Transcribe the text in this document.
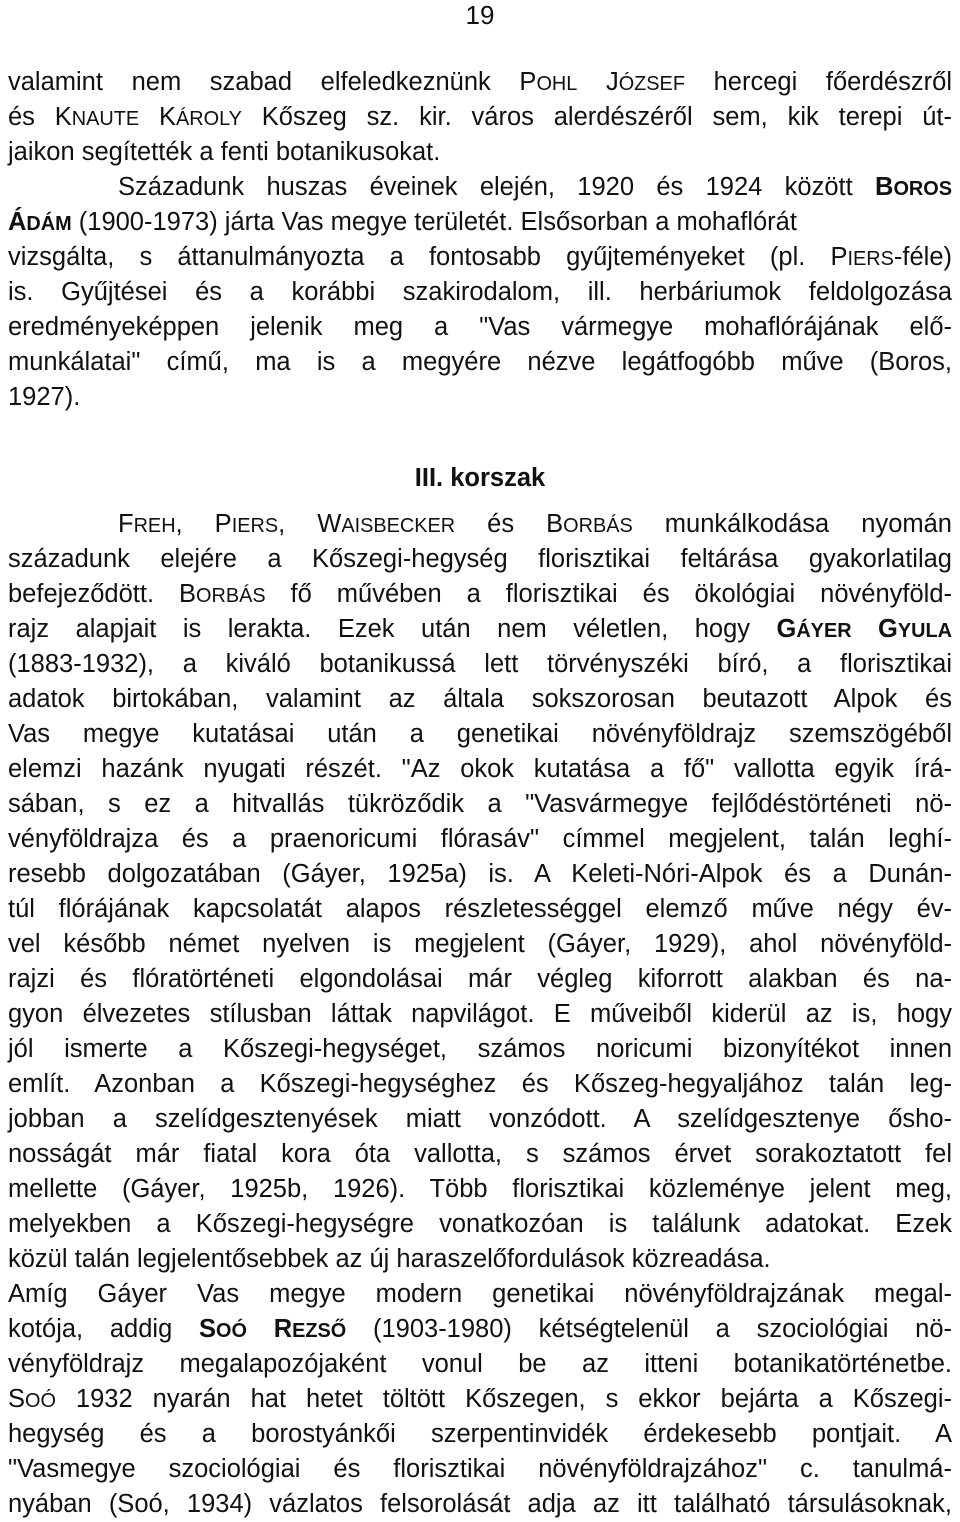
19
valamint nem szabad elfeledkeznünk POHL JÓZSEF hercegi főerdészről
és KNAUTE KÁROLY Kőszeg sz. kir. város alerdészéről sem, kik terepi út-
jaikon segítették a fenti botanikusokat.
Századunk huszas éveinek elején, 1920 és 1924 között BOROS
ÁDÁM (1900-1973) járta Vas megye területét. Elsősorban a mohaflórát
vizsgálta, s áttanulmányozta a fontosabb gyűjteményeket (pl. PIERS-féle)
is. Gyűjtései és a korábbi szakirodalom, ill. herbáriumok feldolgozása
eredményeképpen jelenik meg a "Vas vármegye mohaflórájának elő-
munkálatai" című, ma is a megyére nézve legátfogóbb műve (Boros,
1927).
FREH, PIERS, WAISBECKER és BORBÁS munkálkodása nyomán
századunk elejére a Kőszegi-hegység florisztikai feltárása gyakorlatilag
befejeződött. BORBÁS fő művében a florisztikai és ökológiai növényföld-
rajz alapjait is lerakta. Ezek után nem véletlen, hogy GÁYER GYULA
(1883-1932), a kiváló botanikussá lett törvényszéki bíró, a florisztikai
adatok birtokában, valamint az általa sokszorosan beutazott Alpok és
Vas megye kutatásai után a genetikai növényföldrajz szemszögéből
elemzi hazánk nyugati részét. "Az okok kutatása a fő" vallotta egyik írá-
sában, s ez a hitvallás tükröződik a "Vasvármegye fejlődéstörténeti nö-
vényföldrajza és a praenoricumi flórasáv" címmel megjelent, talán leghí-
resebb dolgozatában (Gáyer, 1925a) is. A Keleti-Nóri-Alpok és a Dunán-
túl flórájának kapcsolatát alapos részletességgel elemző műve négy év-
vel később német nyelven is megjelent (Gáyer, 1929), ahol növényföld-
rajzi és flóratörténeti elgondolásai már végleg kiforrott alakban és na-
gyon élvezetes stílusban láttak napvilágot. E műveiből kiderül az is, hogy
jól ismerte a Kőszegi-hegységet, számos noricumi bizonyítékot innen
említ. Azonban a Kőszegi-hegységhez és Kőszeg-hegyaljához talán leg-
jobban a szelídgesztenyések miatt vonzódott. A szelídgesztenye ősho-
nosságát már fiatal kora óta vallotta, s számos érvet sorakoztatott fel
mellette (Gáyer, 1925b, 1926). Több florisztikai közleménye jelent meg,
melyekben a Kőszegi-hegységre vonatkozóan is találunk adatokat. Ezek
közül talán legjelentősebbek az új haraszelőfordulások közreadása.
Amíg Gáyer Vas megye modern genetikai növényföldrajzának megal-
kotója, addig SOÓ REZSŐ (1903-1980) kétségtelenül a szociológiai nö-
vényföldrajz megalapozójaként vonul be az itteni botanikatörténetbe.
SOÓ 1932 nyarán hat hetet töltött Kőszegen, s ekkor bejárta a Kőszegi-
hegység és a borostyánkői szerpentinvidék érdekesebb pontjait. A
"Vasmegye szociológiai és florisztikai növényföldrajzához" c. tanulmá-
nyában (Soó, 1934) vázlatos felsorolását adja az itt található társulásoknak,
III. korszak
